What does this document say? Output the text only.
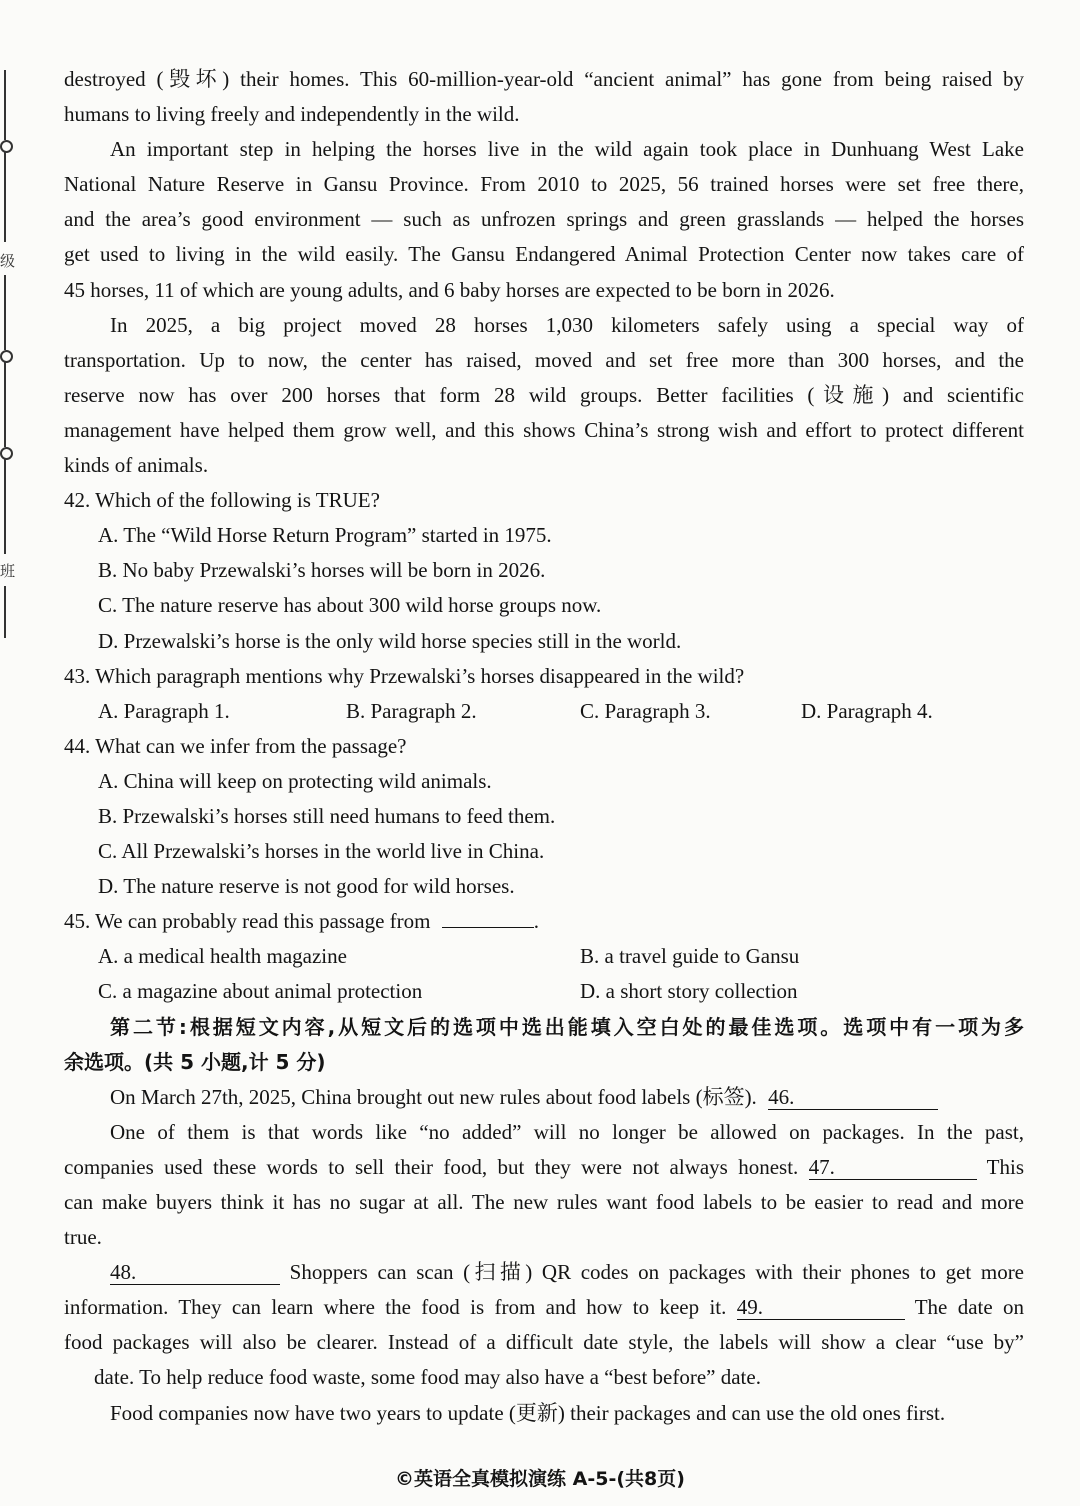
级
班
destroyed (毁坏) their homes. This 60-million-year-old “ancient animal” has gone from being raised by
humans to living freely and independently in the wild.
An important step in helping the horses live in the wild again took place in Dunhuang West Lake
National Nature Reserve in Gansu Province. From 2010 to 2025, 56 trained horses were set free there,
and the area’s good environment — such as unfrozen springs and green grasslands — helped the horses
get used to living in the wild easily. The Gansu Endangered Animal Protection Center now takes care of
45 horses, 11 of which are young adults, and 6 baby horses are expected to be born in 2026.
In 2025, a big project moved 28 horses 1,030 kilometers safely using a special way of
transportation. Up to now, the center has raised, moved and set free more than 300 horses, and the
reserve now has over 200 horses that form 28 wild groups. Better facilities (设施) and scientific
management have helped them grow well, and this shows China’s strong wish and effort to protect different
kinds of animals.
42. Which of the following is TRUE?
A. The “Wild Horse Return Program” started in 1975.
B. No baby Przewalski’s horses will be born in 2026.
C. The nature reserve has about 300 wild horse groups now.
D. Przewalski’s horse is the only wild horse species still in the world.
43. Which paragraph mentions why Przewalski’s horses disappeared in the wild?
A. Paragraph 1.	B. Paragraph 2.	C. Paragraph 3.	D. Paragraph 4.
44. What can we infer from the passage?
A. China will keep on protecting wild animals.
B. Przewalski’s horses still need humans to feed them.
C. All Przewalski’s horses in the world live in China.
D. The nature reserve is not good for wild horses.
45. We can probably read this passage from	.
A. a medical health magazine	B. a travel guide to Gansu
C. a magazine about animal protection	D. a short story collection
第二节:根据短文内容,从短文后的选项中选出能填入空白处的最佳选项。选项中有一项为多
余选项。(共 5 小题,计 5 分)
On March 27th, 2025, China brought out new rules about food labels (标签). 46.
One of them is that words like “no added” will no longer be allowed on packages. In the past,
companies used these words to sell their food, but they were not always honest. 47.	This
can make buyers think it has no sugar at all. The new rules want food labels to be easier to read and more
true.
48.	Shoppers can scan (扫描) QR codes on packages with their phones to get more
information. They can learn where the food is from and how to keep it. 49.	The date on
food packages will also be clearer. Instead of a difficult date style, the labels will show a clear “use by”
date. To help reduce food waste, some food may also have a “best before” date.
Food companies now have two years to update (更新) their packages and can use the old ones first.
©英语全真模拟演练 A-5-(共8页)
